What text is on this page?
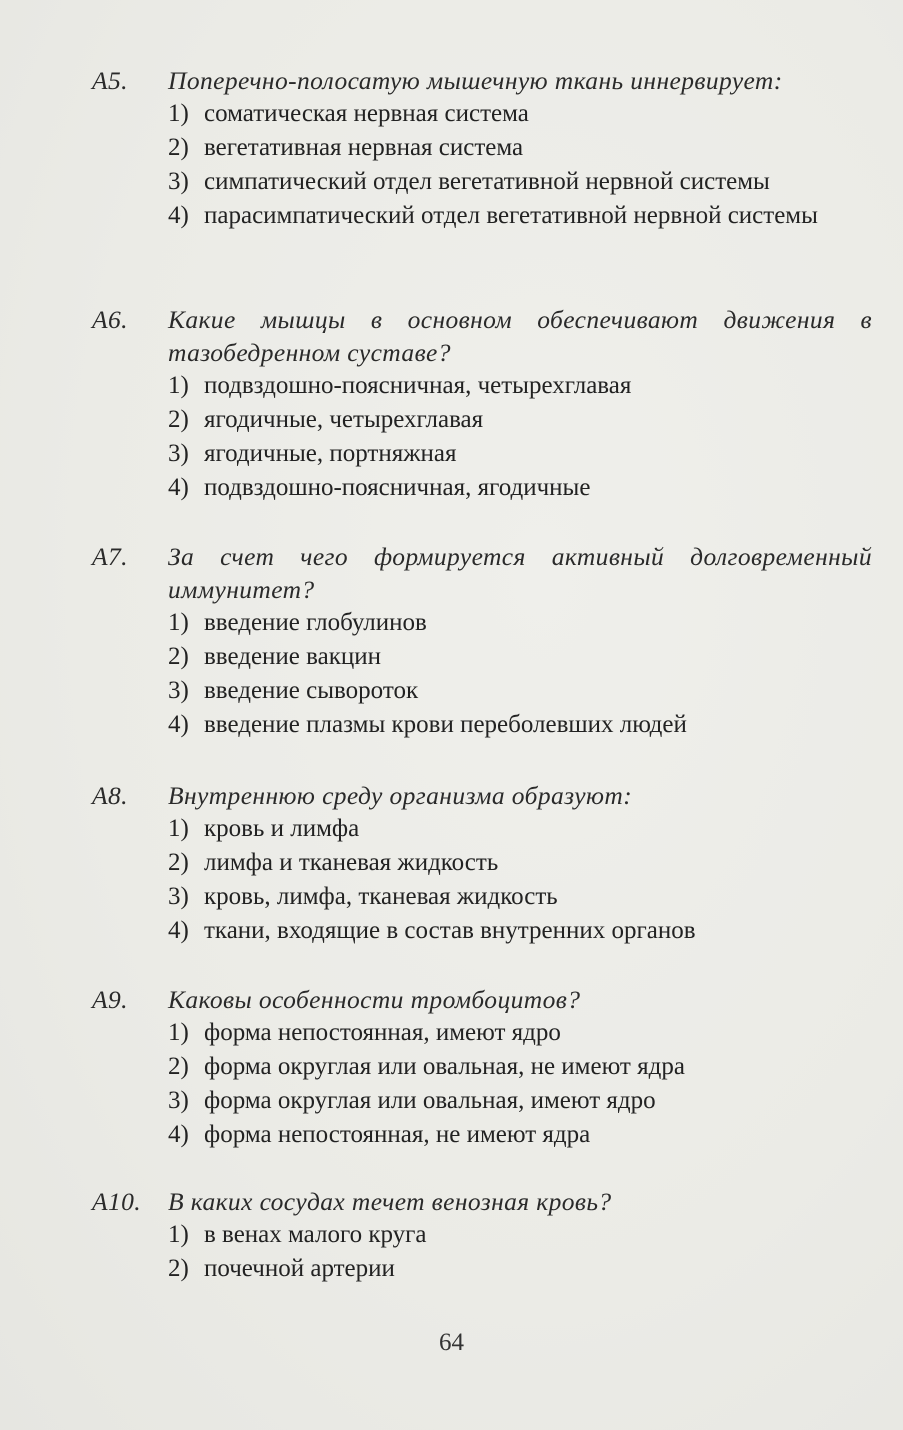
А5.	Поперечно-полосатую мышечную ткань иннервирует:
1) соматическая нервная система
2) вегетативная нервная система
3) симпатический отдел вегетативной нервной системы
4) парасимпатический отдел вегетативной нервной системы
А6.	Какие мышцы в основном обеспечивают движения в тазобедренном суставе?
1) подвздошно-поясничная, четырехглавая
2) ягодичные, четырехглавая
3) ягодичные, портняжная
4) подвздошно-поясничная, ягодичные
А7.	За счет чего формируется активный долговременный иммунитет?
1) введение глобулинов
2) введение вакцин
3) введение сывороток
4) введение плазмы крови переболевших людей
А8.	Внутреннюю среду организма образуют:
1) кровь и лимфа
2) лимфа и тканевая жидкость
3) кровь, лимфа, тканевая жидкость
4) ткани, входящие в состав внутренних органов
А9.	Каковы особенности тромбоцитов?
1) форма непостоянная, имеют ядро
2) форма округлая или овальная, не имеют ядра
3) форма округлая или овальная, имеют ядро
4) форма непостоянная, не имеют ядра
А10.	В каких сосудах течет венозная кровь?
1) в венах малого круга
2) почечной артерии
64
